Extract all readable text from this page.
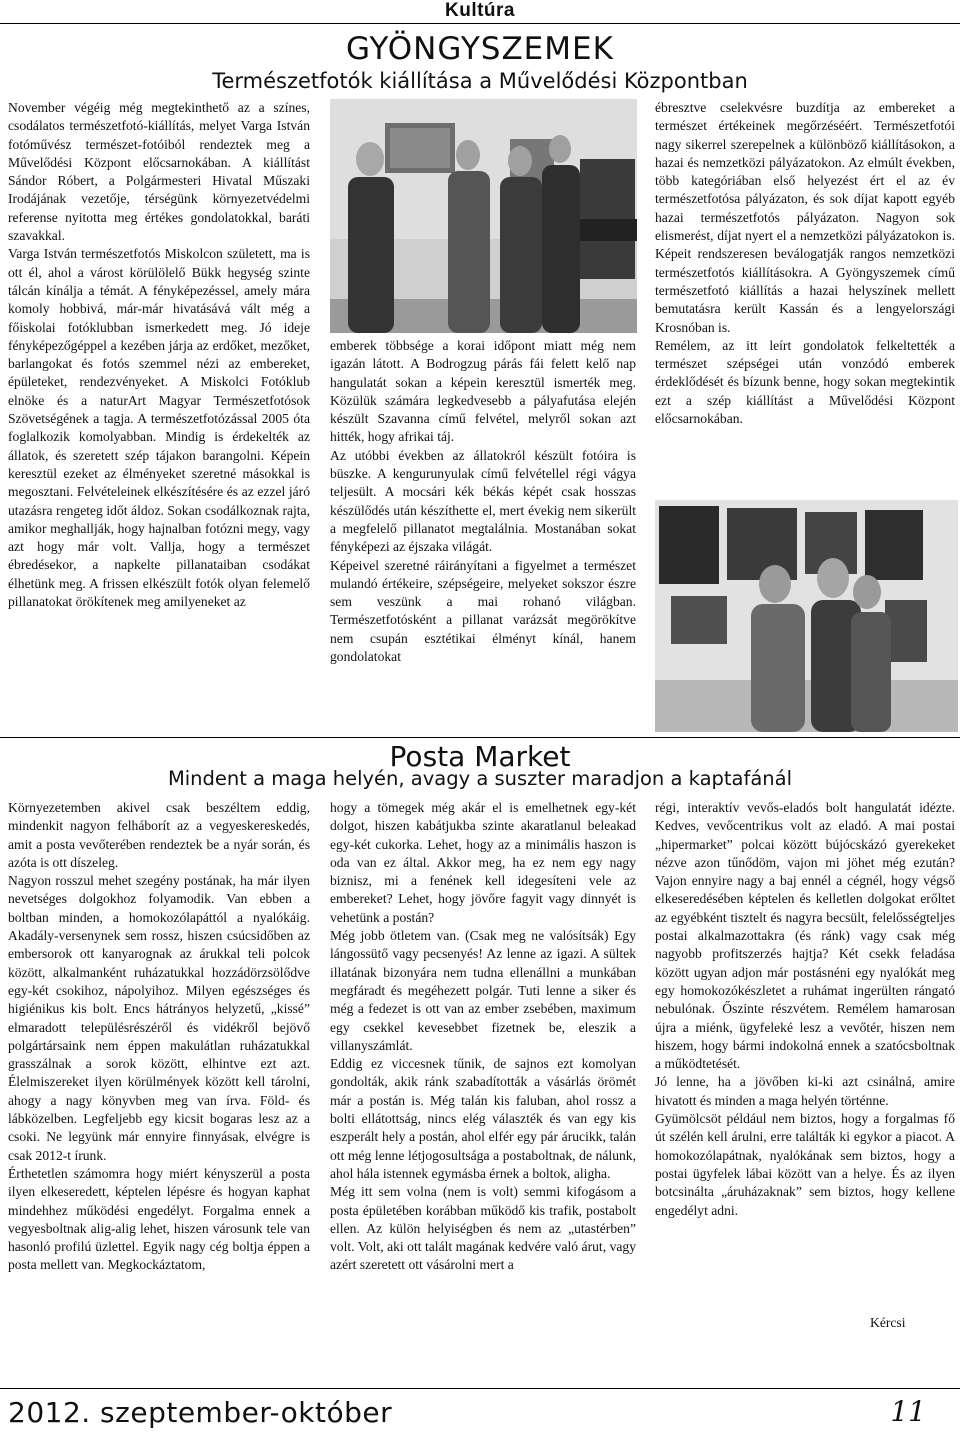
Kultúra
GYÖNGYSZEMEK
Természetfotók kiállítása a Művelődési Központban

November végéig még megtekinthető az a színes, csodálatos természetfotó-kiállítás, melyet Varga István fotóművész természet-fotóiból rendeztek meg a Művelődési Központ előcsarnokában. A kiállítást Sándor Róbert, a Polgármesteri Hivatal Műszaki Irodájának vezetője, térségünk környezetvédelmi referense nyitotta meg értékes gondolatokkal, baráti szavakkal.

Varga István természetfotós Miskolcon született, ma is ott él, ahol a várost körülölelő Bükk hegység szinte tálcán kínálja a témát. A fényképezéssel, amely mára komoly hobbivá, már-már hivatásává vált még a főiskolai fotóklubban ismerkedett meg. Jó ideje fényképezőgéppel a kezében járja az erdőket, mezőket, barlangokat és fotós szemmel nézi az embereket, épületeket, rendezvényeket. A Miskolci Fotóklub elnöke és a naturArt Magyar Természetfotósok Szövetségének a tagja. A természetfotózással 2005 óta foglalkozik komolyabban. Mindig is érdekelték az állatok, és szeretett szép tájakon barangolni. Képein keresztül ezeket az élményeket szeretné másokkal is megosztani. Felvételeinek elkészítésére és az ezzel járó utazásra rengeteg időt áldoz. Sokan csodálkoznak rajta, amikor meghallják, hogy hajnalban fotózni megy, vagy azt hogy már volt. Vallja, hogy a természet ébredésekor, a napkelte pillanataiban csodákat élhetünk meg. A frissen elkészült fotók olyan felemelő pillanatokat örökítenek meg amilyeneket az

emberek többsége a korai időpont miatt még nem igazán látott. A Bodrogzug párás fái felett kelő nap hangulatát sokan a képein keresztül ismerték meg. Közülük számára legkedvesebb a pályafutása elején készült Szavanna című felvétel, melyről sokan azt hitték, hogy afrikai táj.

Az utóbbi években az állatokról készült fotóira is büszke. A kengurunyulak című felvétellel régi vágya teljesült. A mocsári kék békás képét csak hosszas készülődés után készíthette el, mert évekig nem sikerült a megfelelő pillanatot megtalálnia. Mostanában sokat fényképezi az éjszaka világát.

Képeivel szeretné ráirányítani a figyelmet a természet mulandó értékeire, szépségeire, melyeket sokszor észre sem veszünk a mai rohanó világban. Természetfotósként a pillanat varázsát megörökítve nem csupán esztétikai élményt kínál, hanem gondolatokat

ébresztve cselekvésre buzdítja az embereket a természet értékeinek megőrzéséért. Természetfotói nagy sikerrel szerepelnek a különböző kiállításokon, a hazai és nemzetközi pályázatokon. Az elmúlt években, több kategóriában első helyezést ért el az év természetfotósa pályázaton, és sok díjat kapott egyéb hazai természetfotós pályázaton. Nagyon sok elismerést, díjat nyert el a nemzetközi pályázatokon is. Képeit rendszeresen beválogatják rangos nemzetközi természetfotós kiállításokra. A Gyöngyszemek című természetfotó kiállítás a hazai helyszínek mellett bemutatásra került Kassán és a lengyelországi Krosnóban is.

Remélem, az itt leírt gondolatok felkeltették a természet szépségei után vonzódó emberek érdeklődését és bízunk benne, hogy sokan megtekintik ezt a szép kiállítást a Művelődési Központ előcsarnokában.

Posta Market
Mindent a maga helyén, avagy a suszter maradjon a kaptafánál

Környezetemben akivel csak beszéltem eddig, mindenkit nagyon felháborít az a vegyeskereskedés, amit a posta vevőterében rendeztek be a nyár során, és azóta is ott díszeleg.

Nagyon rosszul mehet szegény postának, ha már ilyen nevetséges dolgokhoz folyamodik. Van ebben a boltban minden, a homokozólapáttól a nyalókáig. Akadály-versenynek sem rossz, hiszen csúcsidőben az embersorok ott kanyarognak az árukkal teli polcok között, alkalmanként ruházatukkal hozzádörzsölődve egy-két csokihoz, nápolyihoz. Milyen egészséges és higiénikus kis bolt. Encs hátrányos helyzetű, „kissé” elmaradott településrészéről és vidékről bejövő polgártársaink nem éppen makulátlan ruházatukkal grasszálnak a sorok között, elhintve ezt azt. Élelmiszereket ilyen körülmények között kell tárolni, ahogy a nagy könyvben meg van írva. Föld- és lábközelben. Legfeljebb egy kicsit bogaras lesz az a csoki. Ne legyünk már ennyire finnyásak, elvégre is csak 2012-t írunk.

Érthetetlen számomra hogy miért kényszerül a posta ilyen elkeseredett, képtelen lépésre és hogyan kaphat mindehhez működési engedélyt. Forgalma ennek a vegyesboltnak alig-alig lehet, hiszen városunk tele van hasonló profilú üzlettel. Egyik nagy cég boltja éppen a posta mellett van. Megkockáztatom,

hogy a tömegek még akár el is emelhetnek egy-két dolgot, hiszen kabátjukba szinte akaratlanul beleakad egy-két cukorka. Lehet, hogy az a minimális haszon is oda van ez által. Akkor meg, ha ez nem egy nagy biznisz, mi a fenének kell idegesíteni vele az embereket? Lehet, hogy jövőre fagyit vagy dinnyét is vehetünk a postán?

Még jobb ötletem van. (Csak meg ne valósítsák) Egy lángossütő vagy pecsenyés! Az lenne az igazi. A sültek illatának bizonyára nem tudna ellenállni a munkában megfáradt és megéhezett polgár. Tuti lenne a siker és még a fedezet is ott van az ember zsebében, maximum egy csekkel kevesebbet fizetnek be, eleszik a villanyszámlát.

Eddig ez viccesnek tűnik, de sajnos ezt komolyan gondolták, akik ránk szabadították a vásárlás örömét már a postán is. Még talán kis faluban, ahol rossz a bolti ellátottság, nincs elég választék és van egy kis eszperált hely a postán, ahol elfér egy pár árucikk, talán ott még lenne létjogosultsága a postaboltnak, de nálunk, ahol hála istennek egymásba érnek a boltok, aligha.

Még itt sem volna (nem is volt) semmi kifogásom a posta épületében korábban működő kis trafik, postabolt ellen. Az külön helyiségben és nem az „utastérben” volt. Volt, aki ott talált magának kedvére való árut, vagy azért szeretett ott vásárolni mert a

régi, interaktív vevős-eladós bolt hangulatát idézte. Kedves, vevőcentrikus volt az eladó. A mai postai „hipermarket” polcai között bújócskázó gyerekeket nézve azon tűnődöm, vajon mi jöhet még ezután? Vajon ennyire nagy a baj ennél a cégnél, hogy végső elkeseredésében képtelen és kelletlen dolgokat erőltet az egyébként tisztelt és nagyra becsült, felelősségteljes postai alkalmazottakra (és ránk) vagy csak még nagyobb profitszerzés hajtja? Két csekk feladása között ugyan adjon már postásnéni egy nyalókát meg egy homokozókészletet a ruhámat ingerülten rángató nebulónak. Őszinte részvétem. Remélem hamarosan újra a miénk, ügyfeleké lesz a vevőtér, hiszen nem hiszem, hogy bármi indokolná ennek a szatócsboltnak a működtetését.

Jó lenne, ha a jövőben ki-ki azt csinálná, amire hivatott és minden a maga helyén történne.

Gyümölcsöt például nem biztos, hogy a forgalmas fő út szélén kell árulni, erre találták ki egykor a piacot. A homokozólapátnak, nyalókának sem biztos, hogy a postai ügyfelek lábai között van a helye. És az ilyen botcsinálta „áruházaknak” sem biztos, hogy kellene engedélyt adni.

Kércsi
2012. szeptember-október	11
